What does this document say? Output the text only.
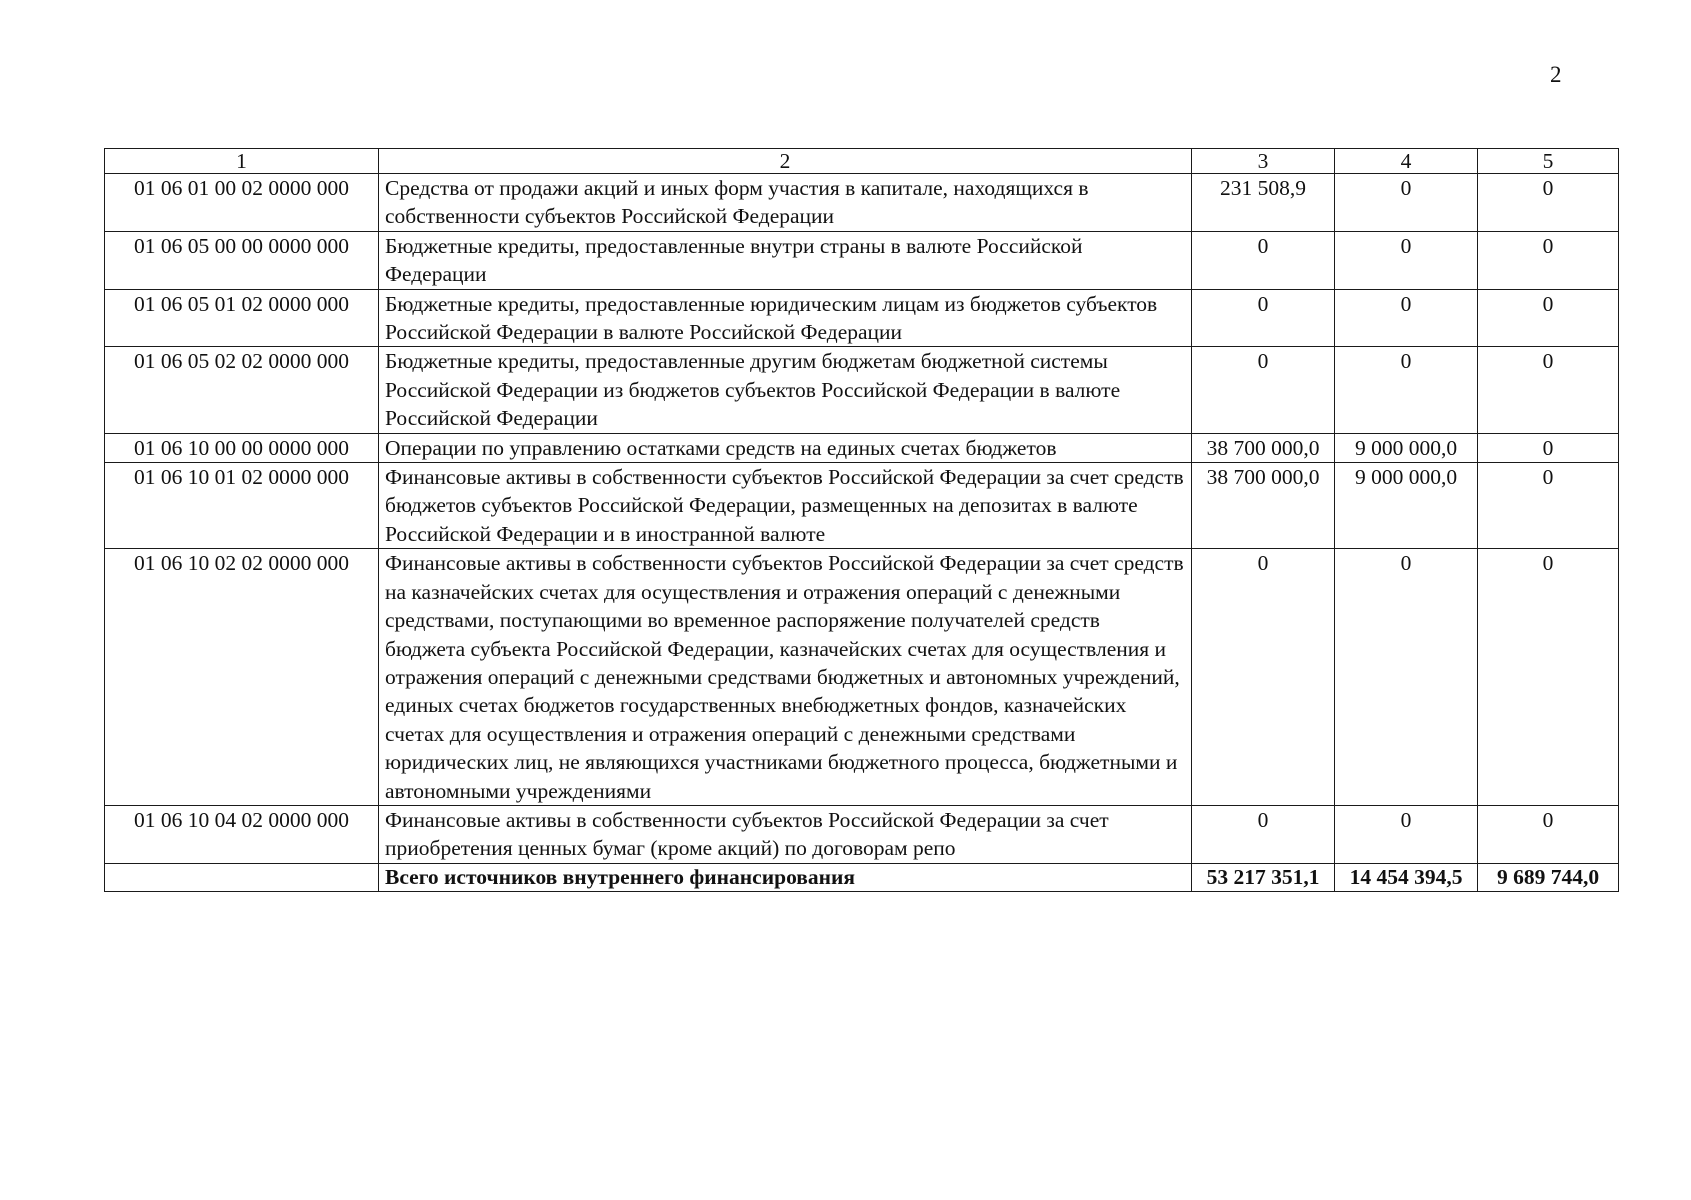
2
1	2	3	4	5
01 06 01 00 02 0000 000	Средства от продажи акций и иных форм участия в капитале, находящихся в собственности субъектов Российской Федерации	231 508,9	0	0
01 06 05 00 00 0000 000	Бюджетные кредиты, предоставленные внутри страны в валюте Российской Федерации	0	0	0
01 06 05 01 02 0000 000	Бюджетные кредиты, предоставленные юридическим лицам из бюджетов субъектов Российской Федерации в валюте Российской Федерации	0	0	0
01 06 05 02 02 0000 000	Бюджетные кредиты, предоставленные другим бюджетам бюджетной системы Российской Федерации из бюджетов субъектов Российской Федерации в валюте Российской Федерации	0	0	0
01 06 10 00 00 0000 000	Операции по управлению остатками средств на единых счетах бюджетов	38 700 000,0	9 000 000,0	0
01 06 10 01 02 0000 000	Финансовые активы в собственности субъектов Российской Федерации за счет средств бюджетов субъектов Российской Федерации, размещенных на депозитах в валюте Российской Федерации и в иностранной валюте	38 700 000,0	9 000 000,0	0
01 06 10 02 02 0000 000	Финансовые активы в собственности субъектов Российской Федерации за счет средств на казначейских счетах для осуществления и отражения операций с денежными средствами, поступающими во временное распоряжение получателей средств бюджета субъекта Российской Федерации, казначейских счетах для осуществления и отражения операций с денежными средствами бюджетных и автономных учреждений, единых счетах бюджетов государственных внебюджетных фондов, казначейских счетах для осуществления и отражения операций с денежными средствами юридических лиц, не являющихся участниками бюджетного процесса, бюджетными и автономными учреждениями	0	0	0
01 06 10 04 02 0000 000	Финансовые активы в собственности субъектов Российской Федерации за счет приобретения ценных бумаг (кроме акций) по договорам репо	0	0	0
	Всего источников внутреннего финансирования	53 217 351,1	14 454 394,5	9 689 744,0
